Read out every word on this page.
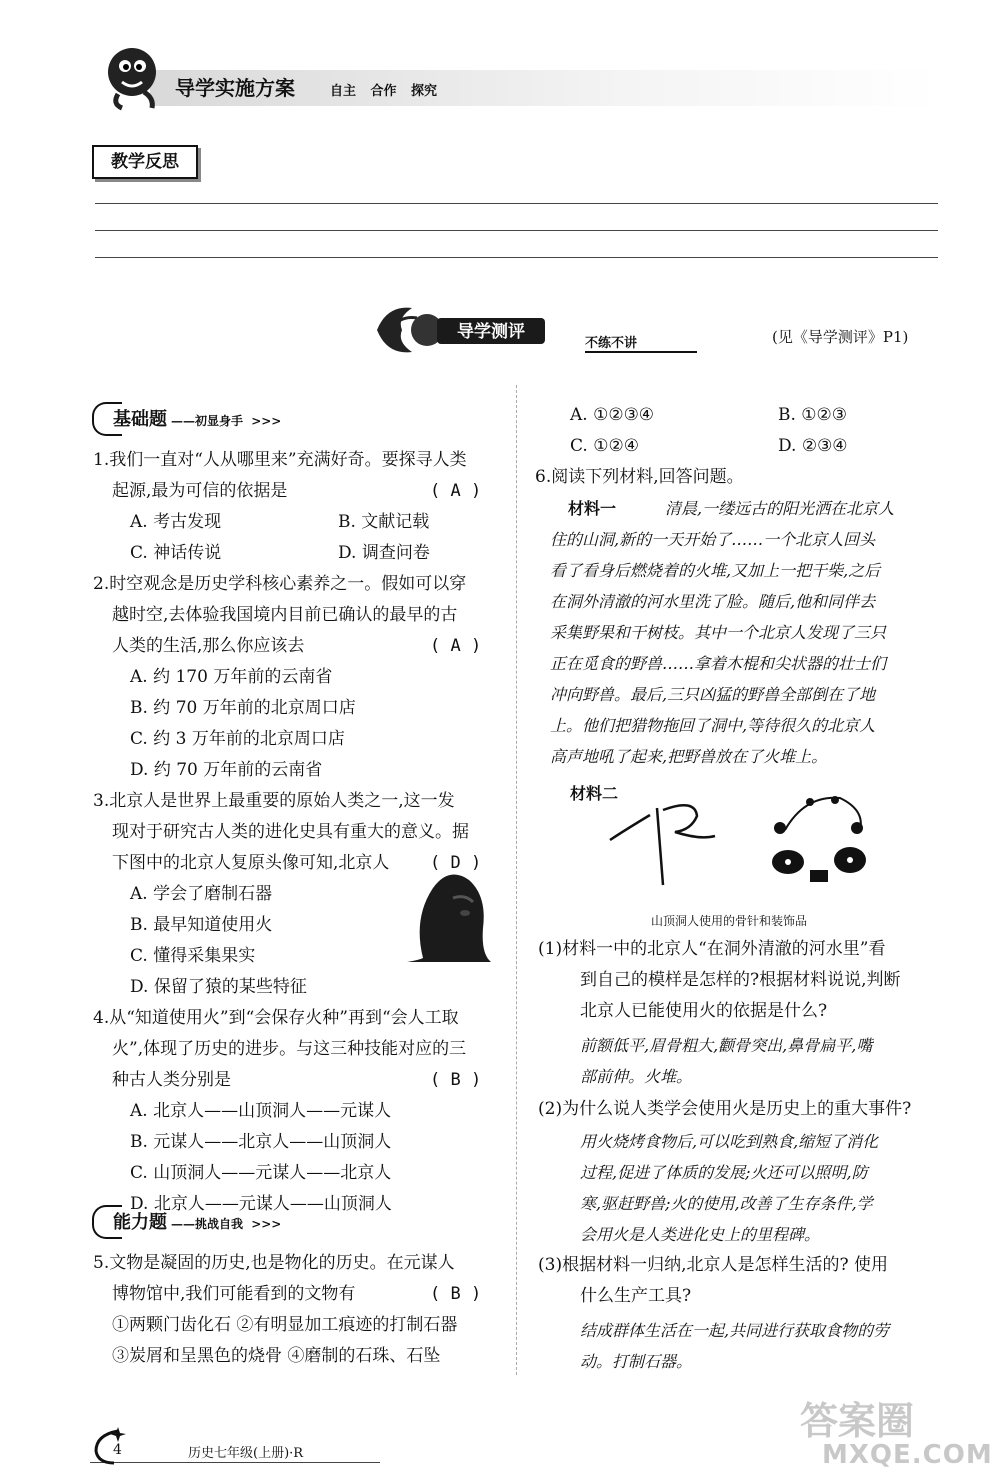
导学实施方案	自主 合作 探究
教学反思
导学测评
不练不讲	(见《导学测评》P1)
基础题 ——初显身手 >>>
1.我们一直对“人从哪里来”充满好奇。要探寻人类
起源,最为可信的依据是	( A )
A. 考古发现	B. 文献记载
C. 神话传说	D. 调查问卷
2.时空观念是历史学科核心素养之一。假如可以穿
越时空,去体验我国境内目前已确认的最早的古
人类的生活,那么你应该去	( A )
A. 约 170 万年前的云南省
B. 约 70 万年前的北京周口店
C. 约 3 万年前的北京周口店
D. 约 70 万年前的云南省
3.北京人是世界上最重要的原始人类之一,这一发
现对于研究古人类的进化史具有重大的意义。据
下图中的北京人复原头像可知,北京人 ( D )
A. 学会了磨制石器
B. 最早知道使用火
C. 懂得采集果实
D. 保留了猿的某些特征
4.从“知道使用火”到“会保存火种”再到“会人工取
火”,体现了历史的进步。与这三种技能对应的三
种古人类分别是	( B )
A. 北京人——山顶洞人——元谋人
B. 元谋人——北京人——山顶洞人
C. 山顶洞人——元谋人——北京人
D. 北京人——元谋人——山顶洞人
能力题 ——挑战自我 >>>
5.文物是凝固的历史,也是物化的历史。在元谋人
博物馆中,我们可能看到的文物有	( B )
①两颗门齿化石 ②有明显加工痕迹的打制石器
③炭屑和呈黑色的烧骨 ④磨制的石珠、石坠
A. ①②③④	B. ①②③
C. ①②④	D. ②③④
6.阅读下列材料,回答问题。
材料一	清晨,一缕远古的阳光洒在北京人
住的山洞,新的一天开始了……一个北京人回头
看了看身后燃烧着的火堆,又加上一把干柴,之后
在洞外清澈的河水里洗了脸。随后,他和同伴去
采集野果和干树枝。其中一个北京人发现了三只
正在觅食的野兽……拿着木棍和尖状器的壮士们
冲向野兽。最后,三只凶猛的野兽全部倒在了地
上。他们把猎物拖回了洞中,等待很久的北京人
高声地吼了起来,把野兽放在了火堆上。
材料二
山顶洞人使用的骨针和装饰品
(1)材料一中的北京人“在洞外清澈的河水里”看
到自己的模样是怎样的?根据材料说说,判断
北京人已能使用火的依据是什么?
前额低平,眉骨粗大,颧骨突出,鼻骨扁平,嘴
部前伸。火堆。
(2)为什么说人类学会使用火是历史上的重大事件?
用火烧烤食物后,可以吃到熟食,缩短了消化
过程,促进了体质的发展;火还可以照明,防
寒,驱赶野兽;火的使用,改善了生存条件,学
会用火是人类进化史上的里程碑。
(3)根据材料一归纳,北京人是怎样生活的? 使用
什么生产工具?
结成群体生活在一起,共同进行获取食物的劳
动。打制石器。
4	历史七年级(上册)·R
答案圈
MXQE.COM
